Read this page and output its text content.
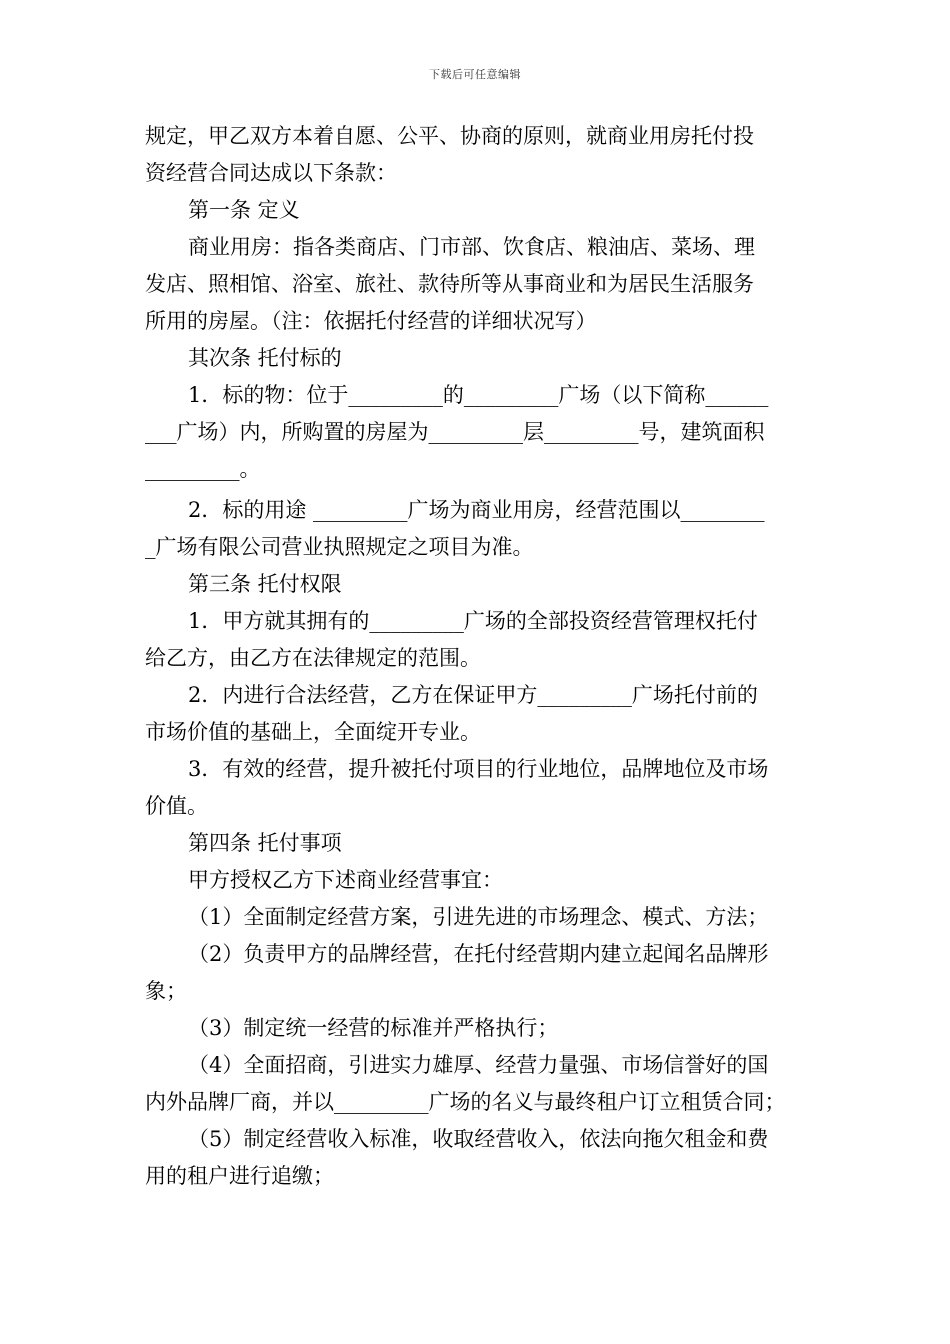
下载后可任意编辑
规定，甲乙双方本着自愿、公平、协商的原则，就商业用房托付投
资经营合同达成以下条款：
第一条 定义
商业用房：指各类商店、门市部、饮食店、粮油店、菜场、理
发店、照相馆、浴室、旅社、款待所等从事商业和为居民生活服务
所用的房屋。（注：依据托付经营的详细状况写）
其次条 托付标的
1．标的物：位于_________的_________广场（以下简称______
___广场）内，所购置的房屋为_________层_________号，建筑面积
_________。
2．标的用途 _________广场为商业用房，经营范围以________
_广场有限公司营业执照规定之项目为准。
第三条 托付权限
1．甲方就其拥有的_________广场的全部投资经营管理权托付
给乙方，由乙方在法律规定的范围。
2．内进行合法经营，乙方在保证甲方_________广场托付前的
市场价值的基础上，全面绽开专业。
3．有效的经营，提升被托付项目的行业地位，品牌地位及市场
价值。
第四条 托付事项
甲方授权乙方下述商业经营事宜：
（1）全面制定经营方案，引进先进的市场理念、模式、方法；
（2）负责甲方的品牌经营，在托付经营期内建立起闻名品牌形
象；
（3）制定统一经营的标准并严格执行；
（4）全面招商，引进实力雄厚、经营力量强、市场信誉好的国
内外品牌厂商，并以_________广场的名义与最终租户订立租赁合同；
（5）制定经营收入标准，收取经营收入，依法向拖欠租金和费
用的租户进行追缴；
